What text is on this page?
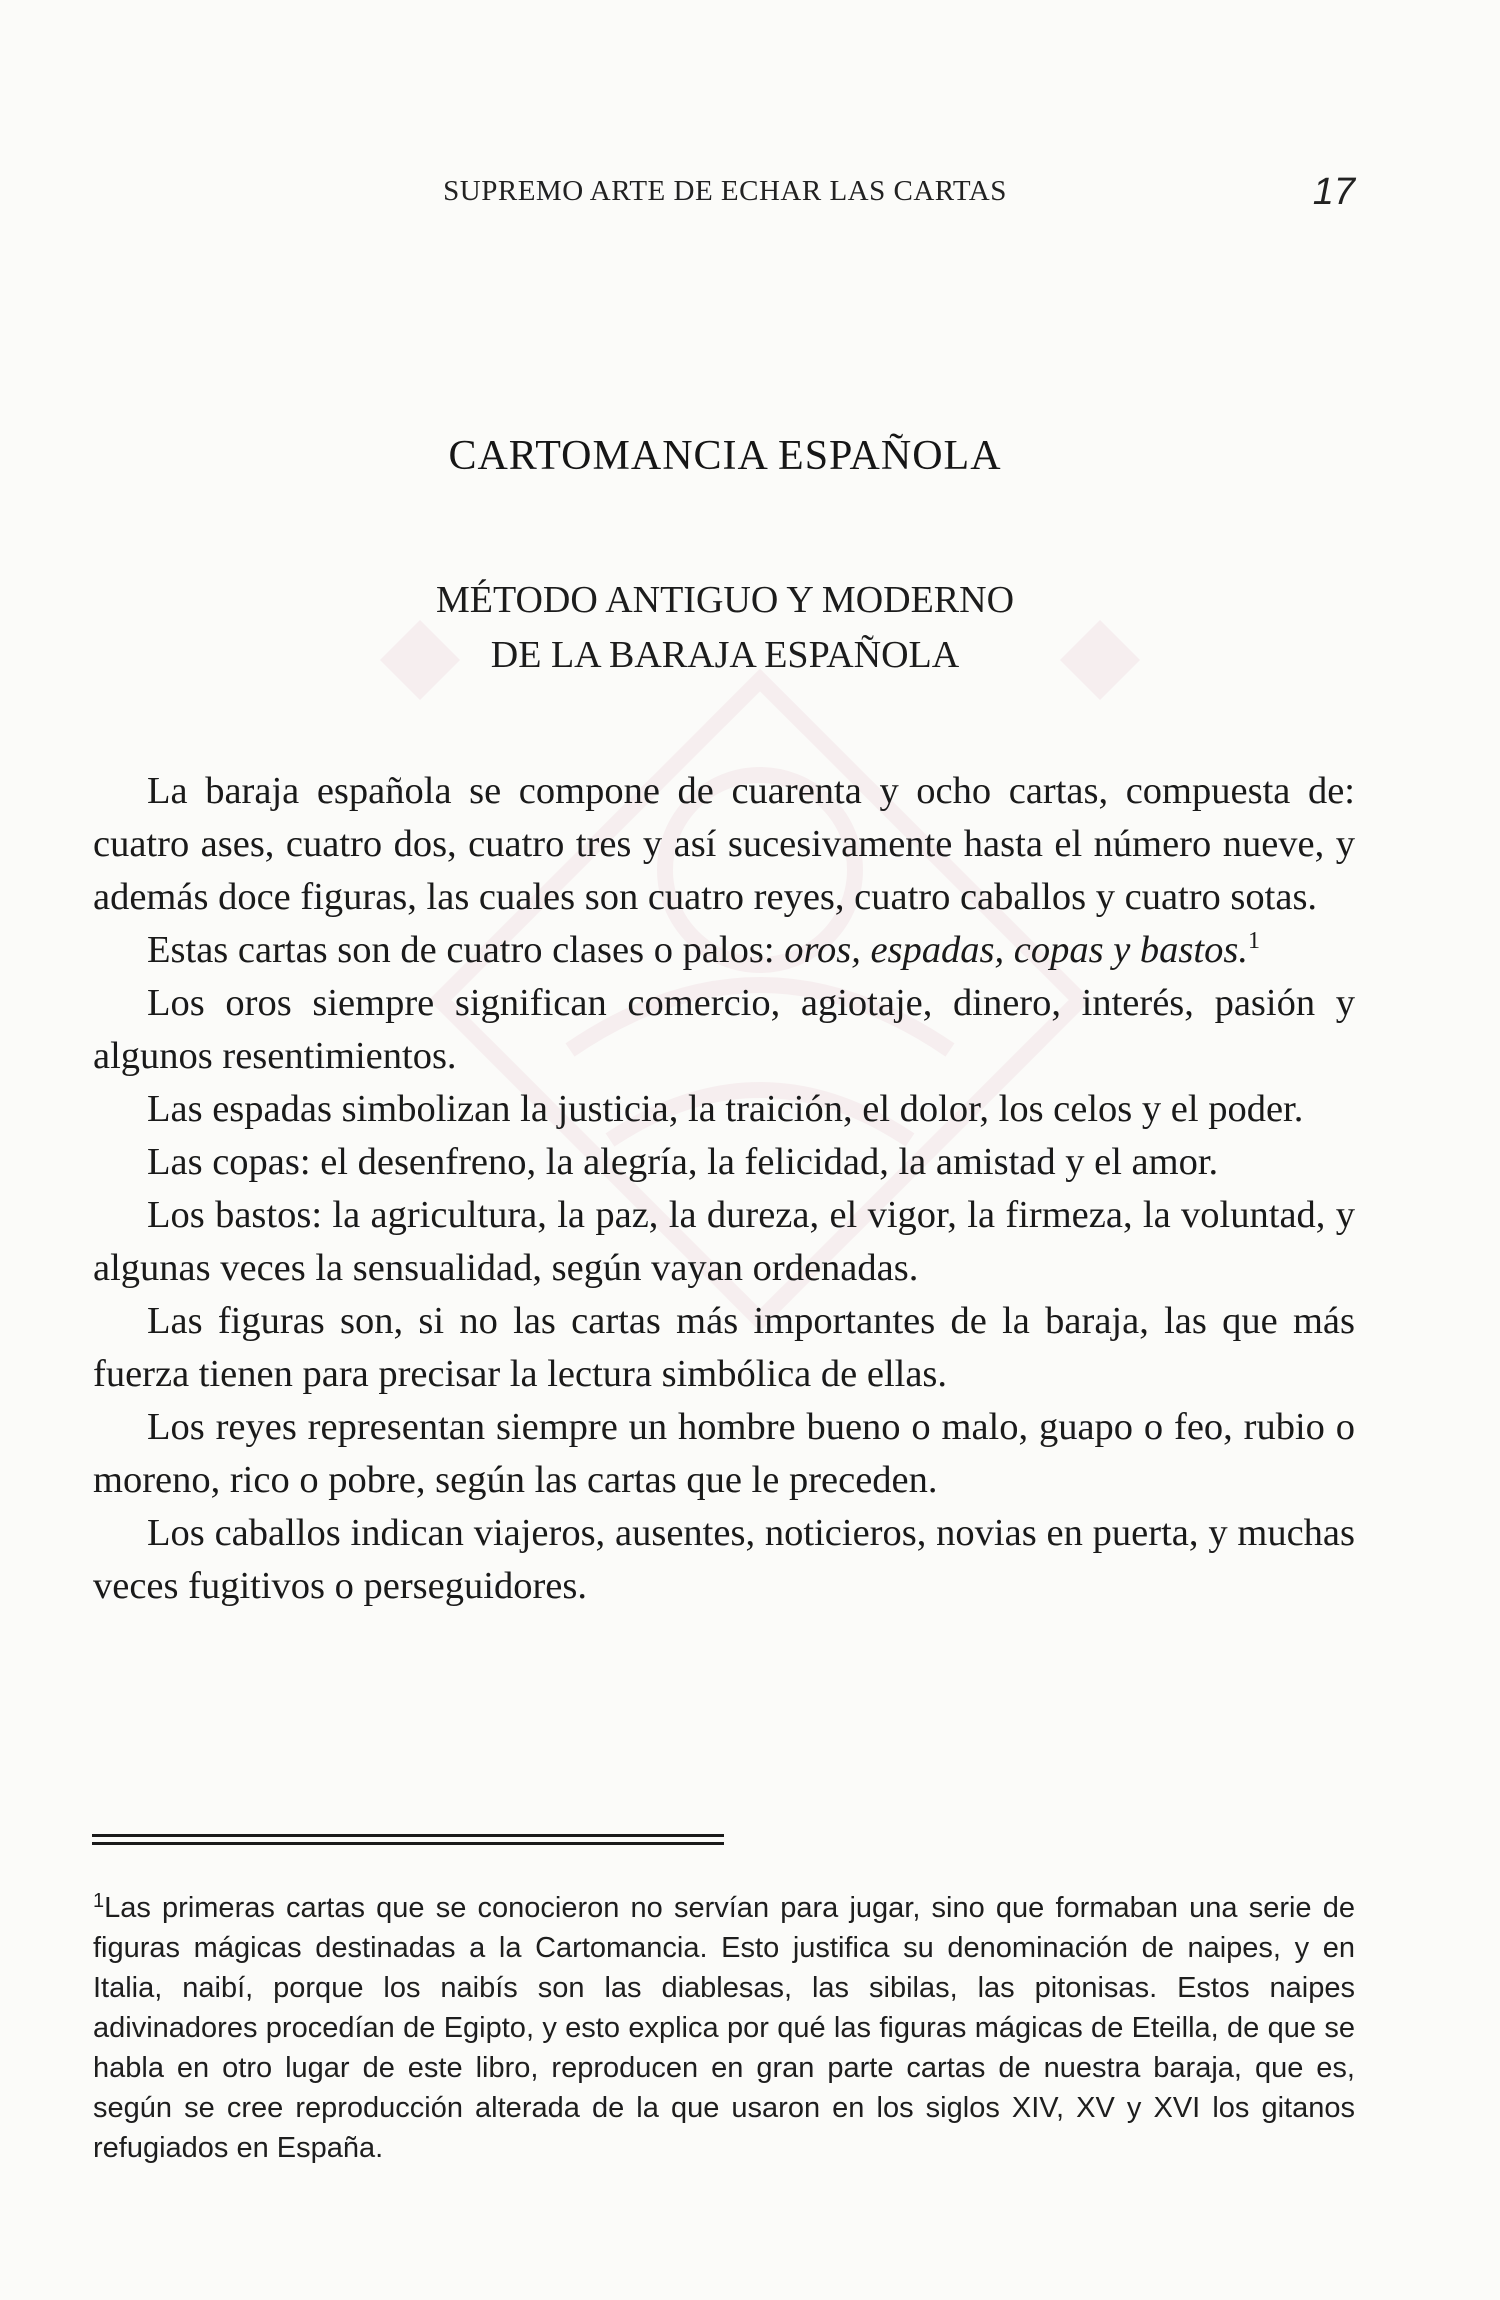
SUPREMO ARTE DE ECHAR LAS CARTAS	17
CARTOMANCIA ESPAÑOLA
MÉTODO ANTIGUO Y MODERNO
DE LA BARAJA ESPAÑOLA

La baraja española se compone de cuarenta y ocho cartas, compuesta de: cuatro ases, cuatro dos, cuatro tres y así sucesivamente hasta el número nueve, y además doce figuras, las cuales son cuatro reyes, cuatro caballos y cuatro sotas.

Estas cartas son de cuatro clases o palos: oros, espadas, copas y bastos.$^1$

Los oros siempre significan comercio, agiotaje, dinero, interés, pasión y algunos resentimientos.

Las espadas simbolizan la justicia, la traición, el dolor, los celos y el poder.

Las copas: el desenfreno, la alegría, la felicidad, la amistad y el amor.

Los bastos: la agricultura, la paz, la dureza, el vigor, la firmeza, la voluntad, y algunas veces la sensualidad, según vayan ordenadas.

Las figuras son, si no las cartas más importantes de la baraja, las que más fuerza tienen para precisar la lectura simbólica de ellas.

Los reyes representan siempre un hombre bueno o malo, guapo o feo, rubio o moreno, rico o pobre, según las cartas que le preceden.

Los caballos indican viajeros, ausentes, noticieros, novias en puerta, y muchas veces fugitivos o perseguidores.

$^1$Las primeras cartas que se conocieron no servían para jugar, sino que formaban una serie de figuras mágicas destinadas a la Cartomancia. Esto justifica su denominación de naipes, y en Italia, naibí, porque los naibís son las diablesas, las sibilas, las pitonisas. Estos naipes adivinadores procedían de Egipto, y esto explica por qué las figuras mágicas de Eteilla, de que se habla en otro lugar de este libro, reproducen en gran parte cartas de nuestra baraja, que es, según se cree reproducción alterada de la que usaron en los siglos XIV, XV y XVI los gitanos refugiados en España.
